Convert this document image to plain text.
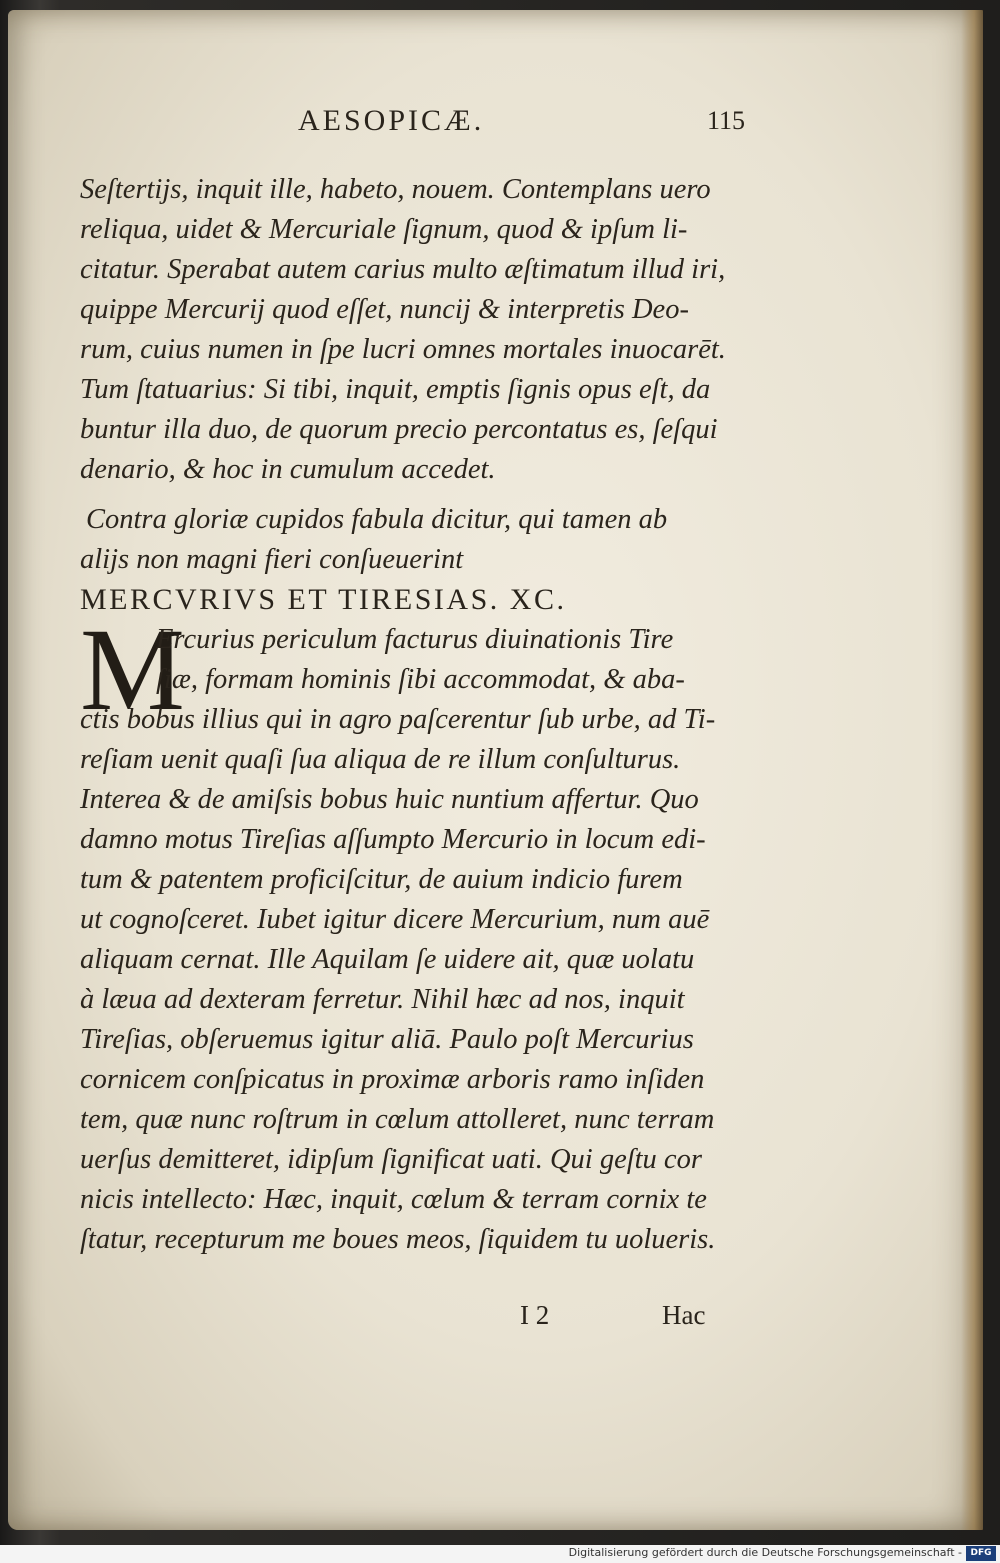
AESOPICÆ.	115
Seſtertijs, inquit ille, habeto, nouem. Contemplans uero
reliqua, uidet & Mercuriale ſignum, quod & ipſum li-
citatur. Sperabat autem carius multo æſtimatum illud iri,
quippe Mercurij quod eſſet, nuncij & interpretis Deo-
rum, cuius numen in ſpe lucri omnes mortales inuocarēt.
Tum ſtatuarius: Si tibi, inquit, emptis ſignis opus eſt, da
buntur illa duo, de quorum precio percontatus es, ſeſqui
denario, & hoc in cumulum accedet.
Contra gloriæ cupidos fabula dicitur, qui tamen ab
alijs non magni fieri conſueuerint
MERCVRIVS ET TIRESIAS. XC.
M
Ercurius periculum facturus diuinationis Tire
ſiæ, formam hominis ſibi accommodat, & aba-
ctis bobus illius qui in agro paſcerentur ſub urbe, ad Ti-
reſiam uenit quaſi ſua aliqua de re illum conſulturus.
Interea & de amiſsis bobus huic nuntium affertur. Quo
damno motus Tireſias aſſumpto Mercurio in locum edi-
tum & patentem proficiſcitur, de auium indicio furem
ut cognoſceret. Iubet igitur dicere Mercurium, num auē
aliquam cernat. Ille Aquilam ſe uidere ait, quæ uolatu
à læua ad dexteram ferretur. Nihil hæc ad nos, inquit
Tireſias, obſeruemus igitur aliā. Paulo poſt Mercurius
cornicem conſpicatus in proximæ arboris ramo inſiden
tem, quæ nunc roſtrum in cœlum attolleret, nunc terram
uerſus demitteret, idipſum ſignificat uati. Qui geſtu cor
nicis intellecto: Hæc, inquit, cœlum & terram cornix te
ſtatur, recepturum me boues meos, ſiquidem tu uolueris.
I 2	Hac
Digitalisierung gefördert durch die Deutsche Forschungsgemeinschaft - DFG
